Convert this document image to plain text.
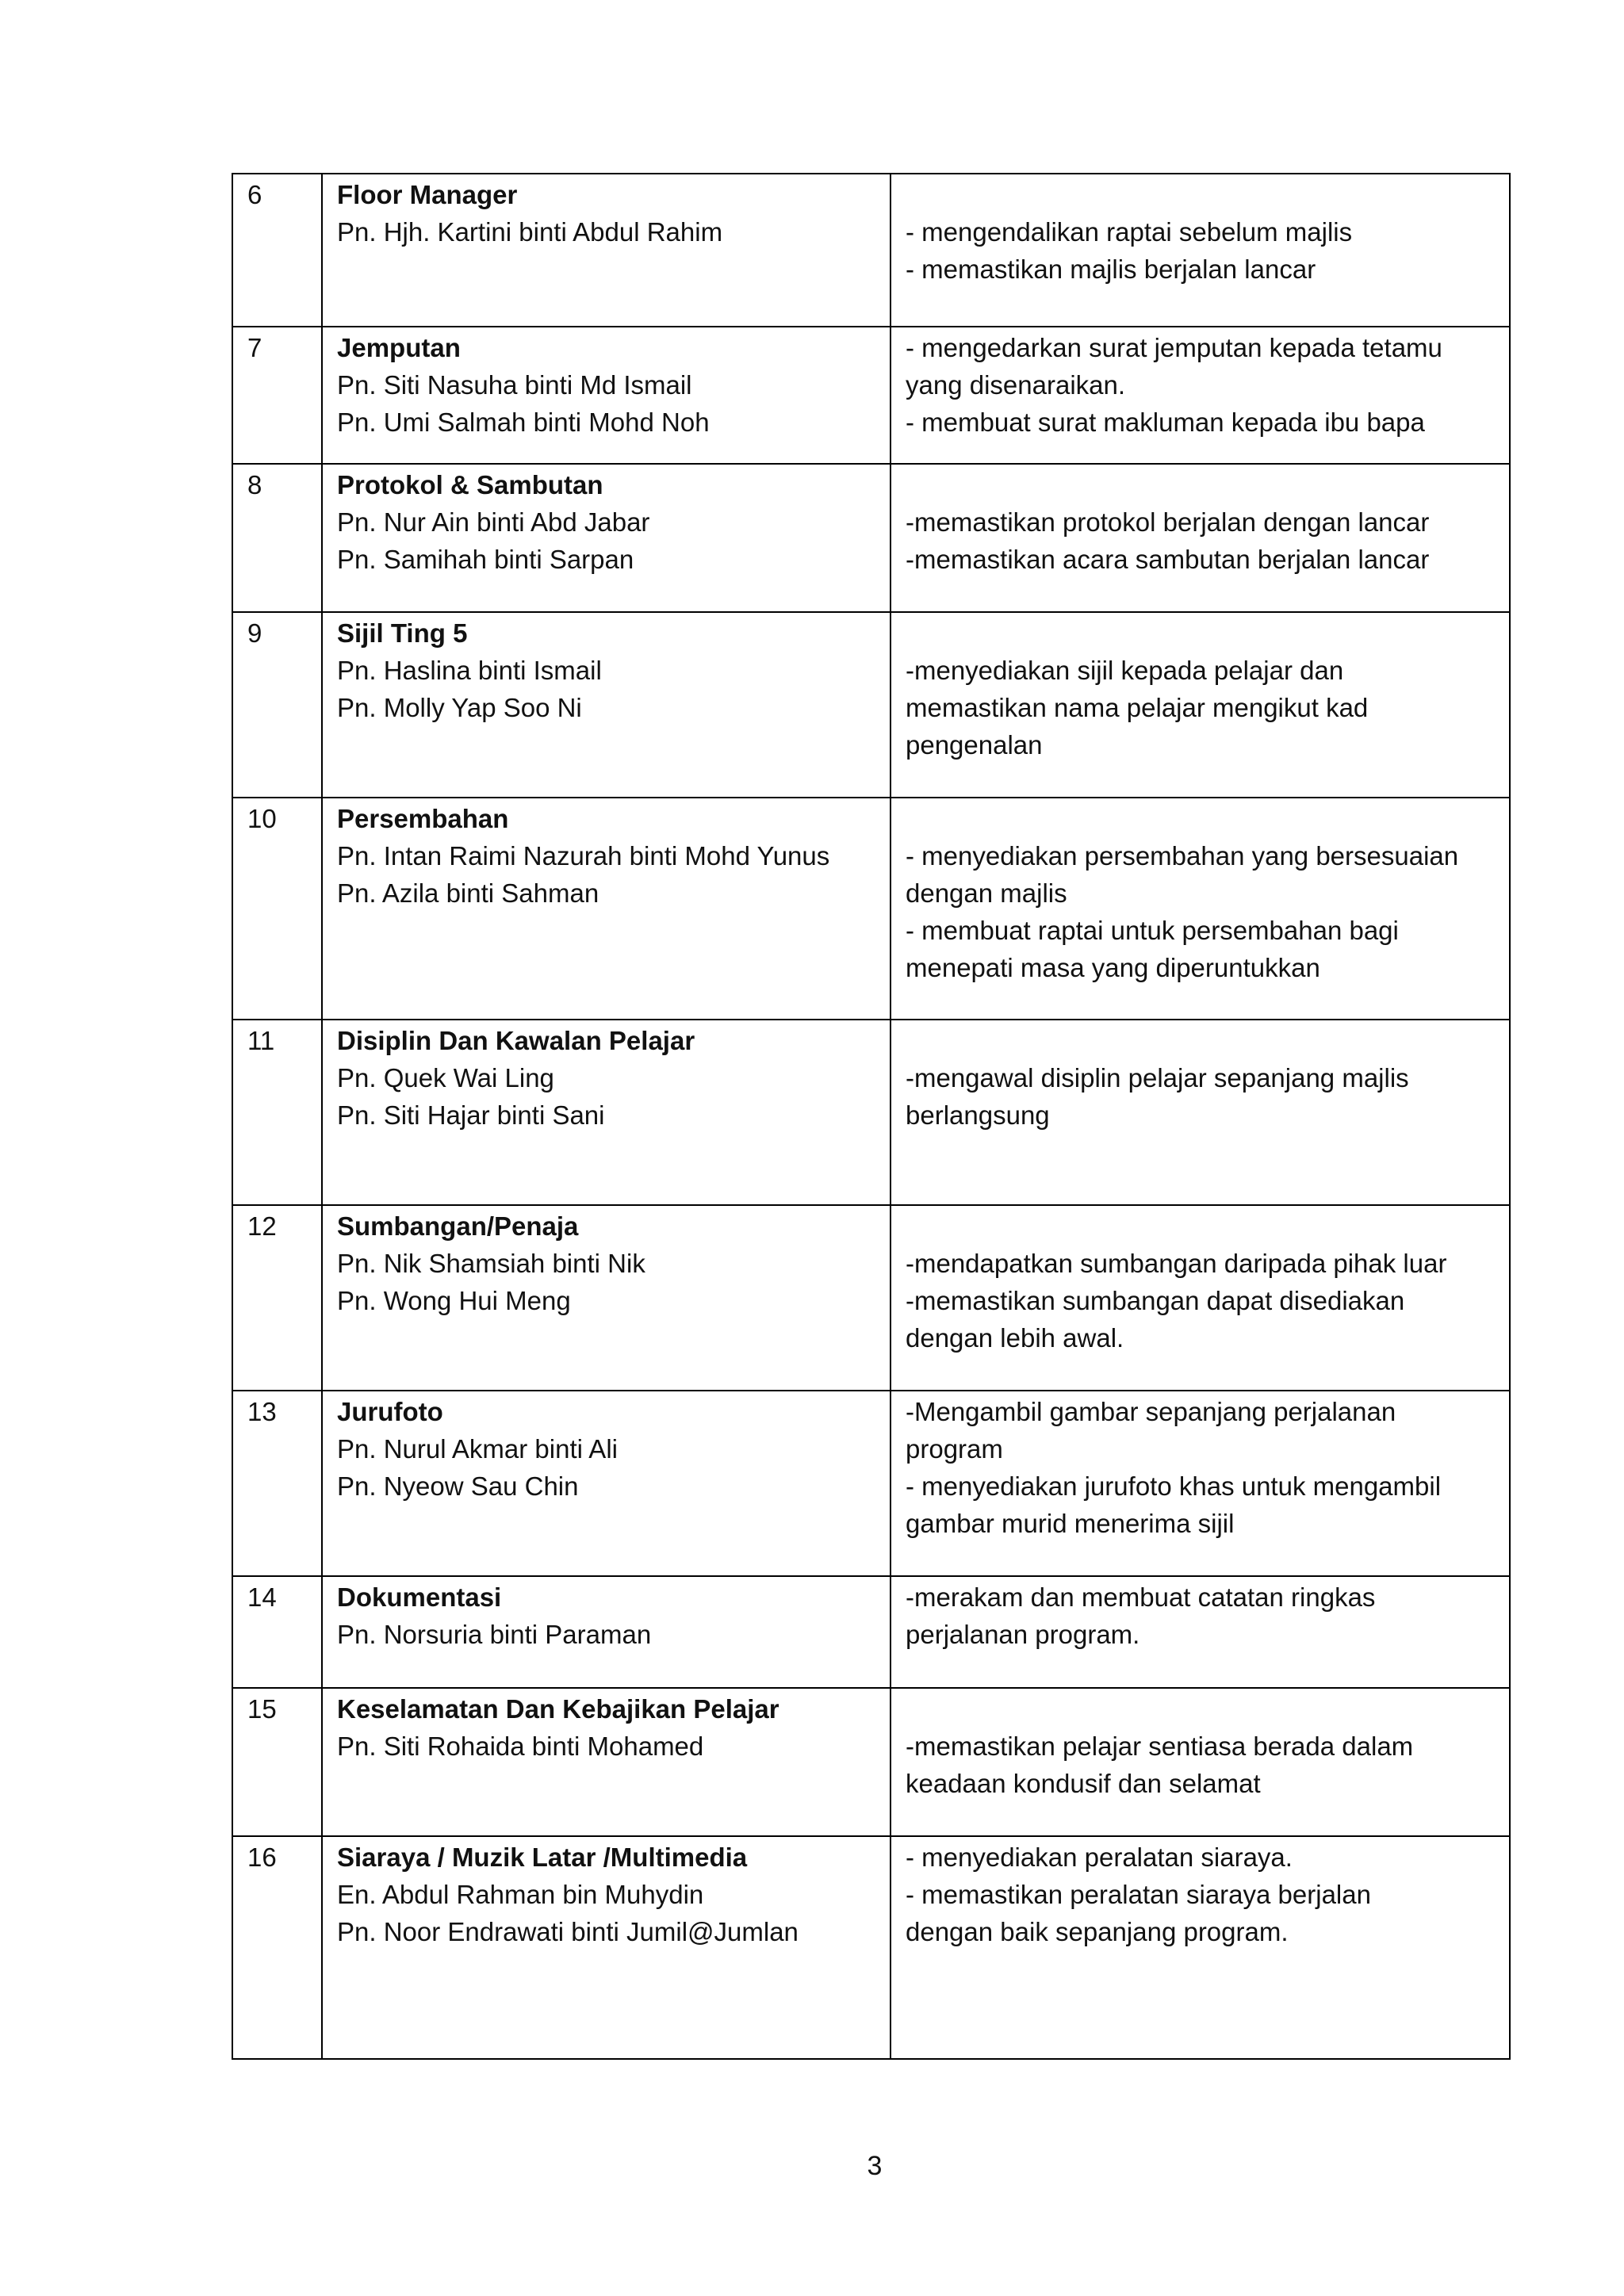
6	Floor Manager
Pn. Hjh. Kartini binti Abdul Rahim	- mengendalikan raptai sebelum majlis
- memastikan majlis berjalan lancar

7	Jemputan
Pn. Siti Nasuha binti Md Ismail
Pn. Umi Salmah binti Mohd Noh	- mengedarkan surat jemputan kepada tetamu
yang disenaraikan.
- membuat surat makluman kepada ibu bapa

8	Protokol & Sambutan
Pn. Nur Ain binti Abd Jabar
Pn. Samihah binti Sarpan	-memastikan protokol berjalan dengan lancar
-memastikan acara sambutan berjalan lancar

9	Sijil Ting 5
Pn. Haslina binti Ismail
Pn. Molly Yap Soo Ni	-menyediakan sijil kepada pelajar dan
memastikan nama pelajar mengikut kad
pengenalan

10	Persembahan
Pn. Intan Raimi Nazurah binti Mohd Yunus
Pn. Azila binti Sahman	- menyediakan persembahan yang bersesuaian
dengan majlis
- membuat raptai untuk persembahan bagi
menepati masa yang diperuntukkan

11	Disiplin Dan Kawalan Pelajar
Pn. Quek Wai Ling
Pn. Siti Hajar binti Sani	-mengawal disiplin pelajar sepanjang majlis
berlangsung

12	Sumbangan/Penaja
Pn. Nik Shamsiah binti Nik
Pn. Wong Hui Meng	-mendapatkan sumbangan daripada pihak luar
-memastikan sumbangan dapat disediakan
dengan lebih awal.

13	Jurufoto
Pn. Nurul Akmar binti Ali
Pn. Nyeow Sau Chin	-Mengambil gambar sepanjang perjalanan
program
- menyediakan jurufoto khas untuk mengambil
gambar murid menerima sijil

14	Dokumentasi
Pn. Norsuria binti Paraman	-merakam dan membuat catatan ringkas
perjalanan program.

15	Keselamatan Dan Kebajikan Pelajar
Pn. Siti Rohaida binti Mohamed	-memastikan pelajar sentiasa berada dalam
keadaan kondusif dan selamat

16	Siaraya / Muzik Latar /Multimedia
En. Abdul Rahman bin Muhydin
Pn. Noor Endrawati binti Jumil@Jumlan	- menyediakan peralatan siaraya.
- memastikan peralatan siaraya berjalan
dengan baik sepanjang program.
3
